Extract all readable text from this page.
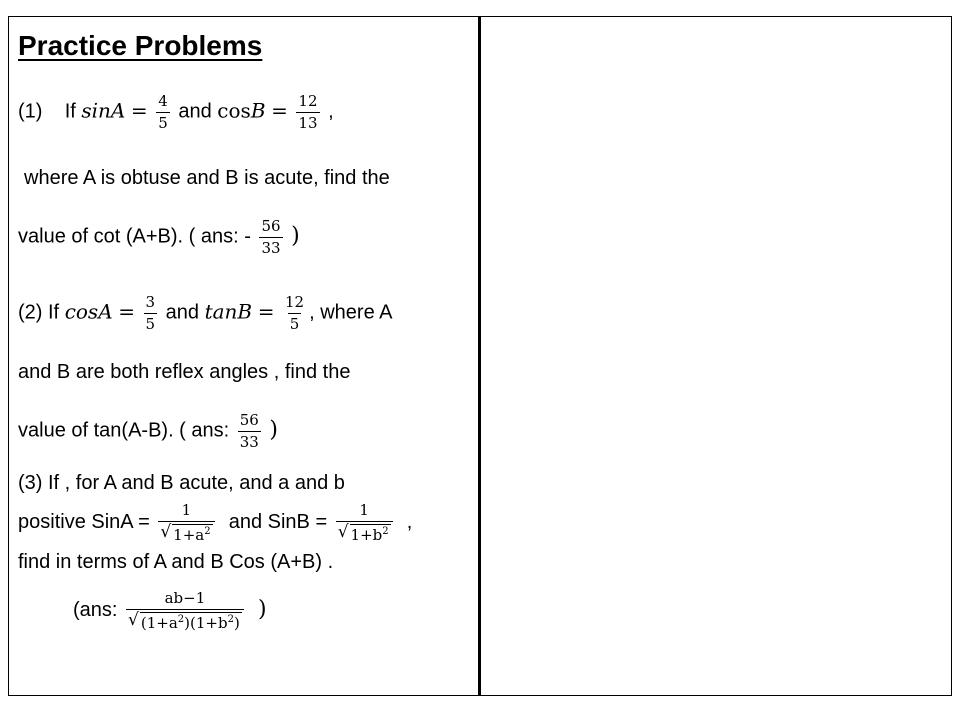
Practice Problems
(1) If $\sin A = \frac{4}{5}$ and $\cos B = \frac{12}{13}$ ,
where A is obtuse and B is acute, find the
value of cot (A+B). ( ans: - $\frac{56}{33}$ )
(2) If $\cos A = \frac{3}{5}$ and $\tan B = \frac{12}{5}$ , where A
and B are both reflex angles , find the
value of tan(A-B). ( ans: $\frac{56}{33}$ )
(3) If , for A and B acute, and a and b
positive SinA = $\frac{1}{√ 1+a^2}$ and SinB = $\frac{1}{√ 1+b^2}$ ,
find in terms of A and B Cos (A+B) .
(ans: $\frac{ab-1}{√ (1+a^2)(1+b^2)}$ )
